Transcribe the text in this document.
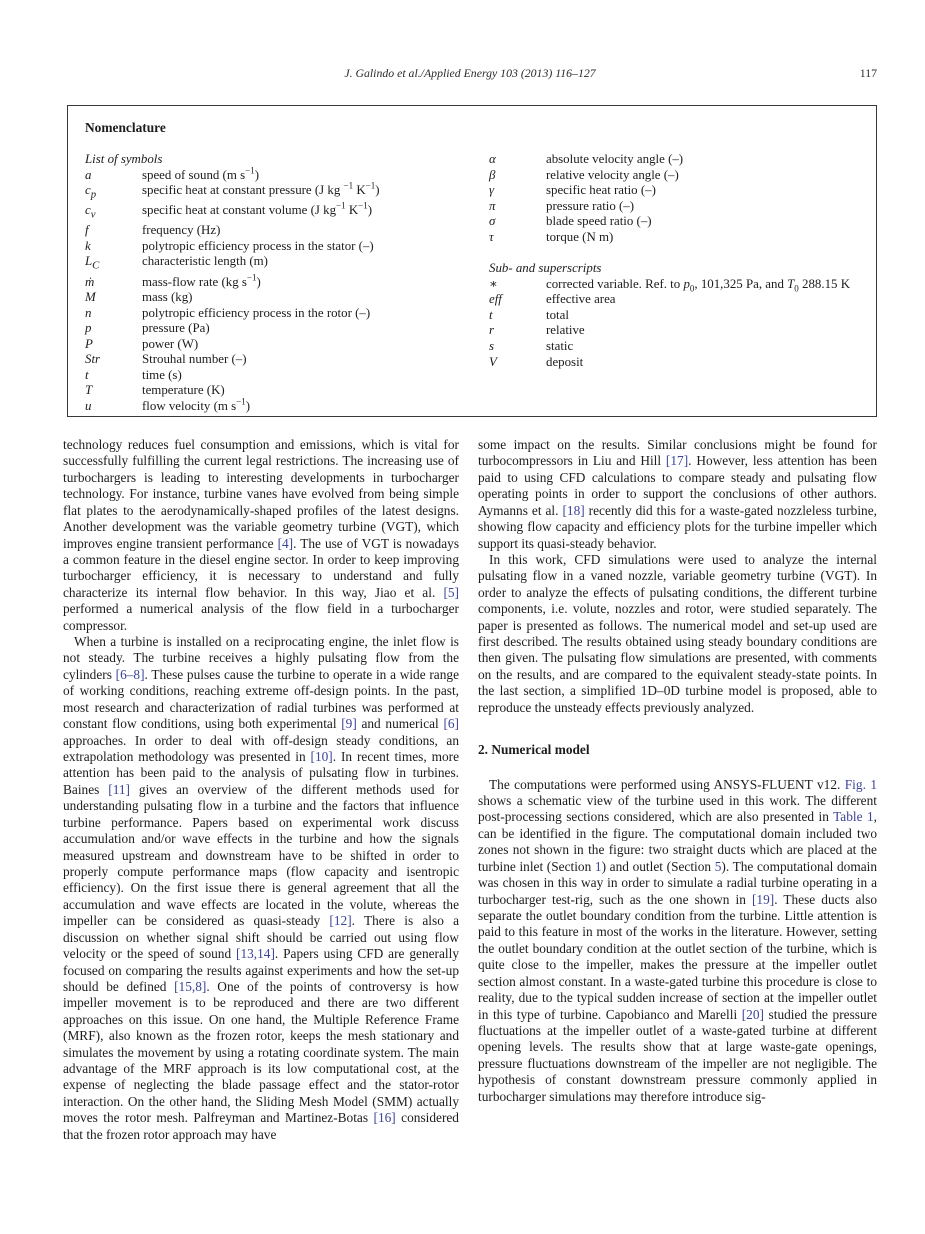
J. Galindo et al./Applied Energy 103 (2013) 116–127	117
Nomenclature
List of symbols
a	speed of sound (m $s^{-1}$)
$c_p$	specific heat at constant pressure (J kg $^{-1}$ $K^{-1}$)
$c_v$	specific heat at constant volume (J $kg^{-1}$ $K^{-1}$)
f	frequency (Hz)
k	polytropic efficiency process in the stator (–)
$L_C$	characteristic length (m)
ṁ	mass-flow rate (kg $s^{-1}$)
M	mass (kg)
n	polytropic efficiency process in the rotor (–)
p	pressure (Pa)
P	power (W)
Str	Strouhal number (–)
t	time (s)
T	temperature (K)
u	flow velocity (m $s^{-1}$)
α	absolute velocity angle (–)
β	relative velocity angle (–)
γ	specific heat ratio (–)
π	pressure ratio (–)
σ	blade speed ratio (–)
τ	torque (N m)
Sub- and superscripts
∗	corrected variable. Ref. to $p_0$, 101,325 Pa, and $T_0$ 288.15 K
eff	effective area
t	total
r	relative
s	static
V	deposit

technology reduces fuel consumption and emissions, which is vital for successfully fulfilling the current legal restrictions. The increasing use of turbochargers is leading to interesting developments in turbocharger technology. For instance, turbine vanes have evolved from being simple flat plates to the aerodynamically-shaped profiles of the latest designs. Another development was the variable geometry turbine (VGT), which improves engine transient performance [4]. The use of VGT is nowadays a common feature in the diesel engine sector. In order to keep improving turbocharger efficiency, it is necessary to understand and fully characterize its internal flow behavior. In this way, Jiao et al. [5] performed a numerical analysis of the flow field in a turbocharger compressor.

When a turbine is installed on a reciprocating engine, the inlet flow is not steady. The turbine receives a highly pulsating flow from the cylinders [6–8]. These pulses cause the turbine to operate in a wide range of working conditions, reaching extreme off-design points. In the past, most research and characterization of radial turbines was performed at constant flow conditions, using both experimental [9] and numerical [6] approaches. In order to deal with off-design steady conditions, an extrapolation methodology was presented in [10]. In recent times, more attention has been paid to the analysis of pulsating flow in turbines. Baines [11] gives an overview of the different methods used for understanding pulsating flow in a turbine and the factors that influence turbine performance. Papers based on experimental work discuss accumulation and/or wave effects in the turbine and how the signals measured upstream and downstream have to be shifted in order to properly compute performance maps (flow capacity and isentropic efficiency). On the first issue there is general agreement that all the accumulation and wave effects are located in the volute, whereas the impeller can be considered as quasi-steady [12]. There is also a discussion on whether signal shift should be carried out using flow velocity or the speed of sound [13,14]. Papers using CFD are generally focused on comparing the results against experiments and how the set-up should be defined [15,8]. One of the points of controversy is how impeller movement is to be reproduced and there are two different approaches on this issue. On one hand, the Multiple Reference Frame (MRF), also known as the frozen rotor, keeps the mesh stationary and simulates the movement by using a rotating coordinate system. The main advantage of the MRF approach is its low computational cost, at the expense of neglecting the blade passage effect and the stator-rotor interaction. On the other hand, the Sliding Mesh Model (SMM) actually moves the rotor mesh. Palfreyman and Martinez-Botas [16] considered that the frozen rotor approach may have

some impact on the results. Similar conclusions might be found for turbocompressors in Liu and Hill [17]. However, less attention has been paid to using CFD calculations to compare steady and pulsating flow operating points in order to support the conclusions of other authors. Aymanns et al. [18] recently did this for a waste-gated nozzleless turbine, showing flow capacity and efficiency plots for the turbine impeller which support its quasi-steady behavior.

In this work, CFD simulations were used to analyze the internal pulsating flow in a vaned nozzle, variable geometry turbine (VGT). In order to analyze the effects of pulsating conditions, the different turbine components, i.e. volute, nozzles and rotor, were studied separately. The paper is presented as follows. The numerical model and set-up used are first described. The results obtained using steady boundary conditions are then given. The pulsating flow simulations are presented, with comments on the results, and are compared to the equivalent steady-state points. In the last section, a simplified 1D–0D turbine model is proposed, able to reproduce the unsteady effects previously analyzed.

2. Numerical model

The computations were performed using ANSYS-FLUENT v12. Fig. 1 shows a schematic view of the turbine used in this work. The different post-processing sections considered, which are also presented in Table 1, can be identified in the figure. The computational domain included two zones not shown in the figure: two straight ducts which are placed at the turbine inlet (Section 1) and outlet (Section 5). The computational domain was chosen in this way in order to simulate a radial turbine operating in a turbocharger test-rig, such as the one shown in [19]. These ducts also separate the outlet boundary condition from the turbine. Little attention is paid to this feature in most of the works in the literature. However, setting the outlet boundary condition at the outlet section of the turbine, which is quite close to the impeller, makes the pressure at the impeller outlet section almost constant. In a waste-gated turbine this procedure is close to reality, due to the typical sudden increase of section at the impeller outlet in this type of turbine. Capobianco and Marelli [20] studied the pressure fluctuations at the impeller outlet of a waste-gated turbine at different opening levels. The results show that at large waste-gate openings, pressure fluctuations downstream of the impeller are not negligible. The hypothesis of constant downstream pressure commonly applied in turbocharger simulations may therefore introduce sig-
